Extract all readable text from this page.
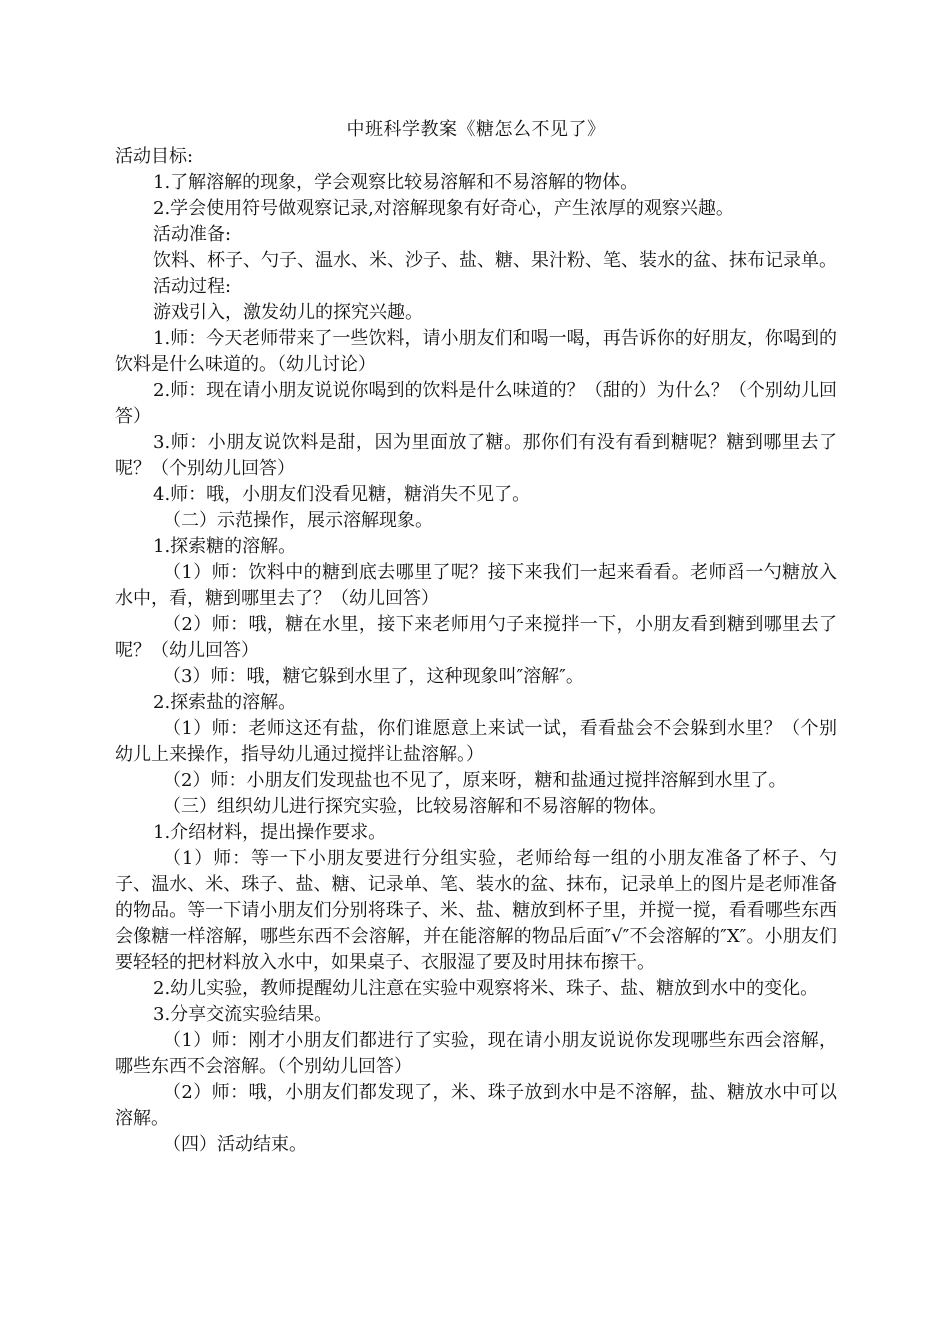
中班科学教案《糖怎么不见了》

活动目标:

1.了解溶解的现象，学会观察比较易溶解和不易溶解的物体。

2.学会使用符号做观察记录,对溶解现象有好奇心，产生浓厚的观察兴趣。

活动准备:

饮料、杯子、勺子、温水、米、沙子、盐、糖、果汁粉、笔、装水的盆、抹布记录单。

活动过程:

游戏引入，激发幼儿的探究兴趣。

1.师：今天老师带来了一些饮料，请小朋友们和喝一喝，再告诉你的好朋友，你喝到的饮料是什么味道的。（幼儿讨论）

2.师：现在请小朋友说说你喝到的饮料是什么味道的？（甜的）为什么？（个别幼儿回答）

3.师：小朋友说饮料是甜，因为里面放了糖。那你们有没有看到糖呢？糖到哪里去了呢？（个别幼儿回答）

4.师：哦，小朋友们没看见糖，糖消失不见了。

（二）示范操作，展示溶解现象。

1.探索糖的溶解。

（1）师：饮料中的糖到底去哪里了呢？接下来我们一起来看看。老师舀一勺糖放入水中，看，糖到哪里去了？（幼儿回答）

（2）师：哦，糖在水里，接下来老师用勺子来搅拌一下，小朋友看到糖到哪里去了呢？（幼儿回答）

（3）师：哦，糖它躲到水里了，这种现象叫″溶解″。

2.探索盐的溶解。

（1）师：老师这还有盐，你们谁愿意上来试一试，看看盐会不会躲到水里？（个别幼儿上来操作，指导幼儿通过搅拌让盐溶解。）

（2）师：小朋友们发现盐也不见了，原来呀，糖和盐通过搅拌溶解到水里了。

（三）组织幼儿进行探究实验，比较易溶解和不易溶解的物体。

1.介绍材料，提出操作要求。

（1）师：等一下小朋友要进行分组实验，老师给每一组的小朋友准备了杯子、勺子、温水、米、珠子、盐、糖、记录单、笔、装水的盆、抹布，记录单上的图片是老师准备的物品。等一下请小朋友们分别将珠子、米、盐、糖放到杯子里，并搅一搅，看看哪些东西会像糖一样溶解，哪些东西不会溶解，并在能溶解的物品后面″√″不会溶解的″X″。小朋友们要轻轻的把材料放入水中，如果桌子、衣服湿了要及时用抹布擦干。

2.幼儿实验，教师提醒幼儿注意在实验中观察将米、珠子、盐、糖放到水中的变化。

3.分享交流实验结果。

（1）师：刚才小朋友们都进行了实验，现在请小朋友说说你发现哪些东西会溶解，哪些东西不会溶解。（个别幼儿回答）

（2）师：哦，小朋友们都发现了，米、珠子放到水中是不溶解，盐、糖放水中可以溶解。

（四）活动结束。
